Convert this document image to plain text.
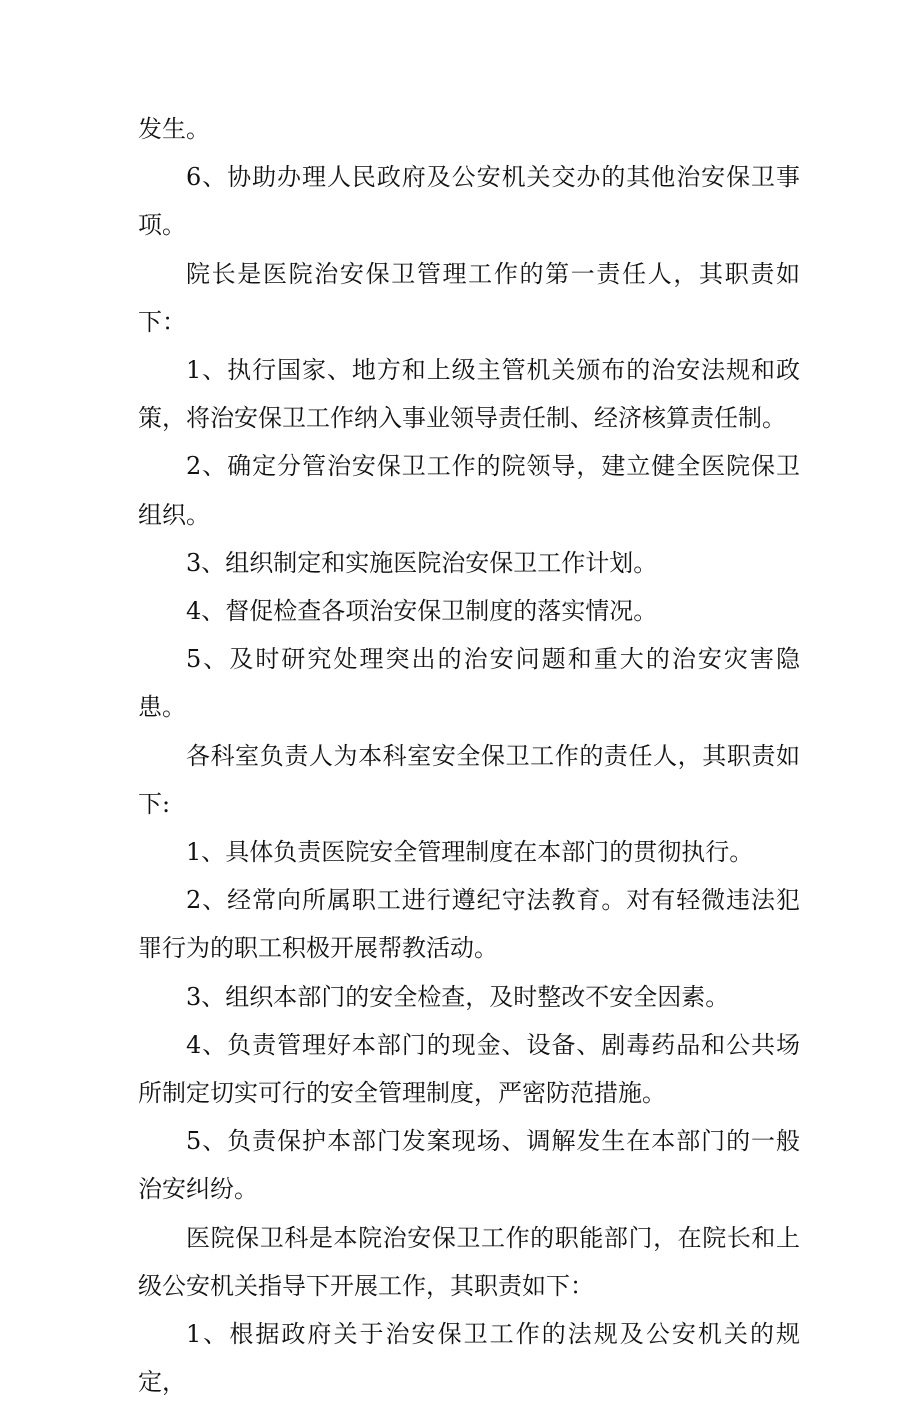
发生。

6、协助办理人民政府及公安机关交办的其他治安保卫事项。

院长是医院治安保卫管理工作的第一责任人，其职责如下：

1、执行国家、地方和上级主管机关颁布的治安法规和政策，将治安保卫工作纳入事业领导责任制、经济核算责任制。

2、确定分管治安保卫工作的院领导，建立健全医院保卫组织。

3、组织制定和实施医院治安保卫工作计划。

4、督促检查各项治安保卫制度的落实情况。

5、及时研究处理突出的治安问题和重大的治安灾害隐患。

各科室负责人为本科室安全保卫工作的责任人，其职责如下:

1、具体负责医院安全管理制度在本部门的贯彻执行。

2、经常向所属职工进行遵纪守法教育。对有轻微违法犯罪行为的职工积极开展帮教活动。

3、组织本部门的安全检查，及时整改不安全因素。

4、负责管理好本部门的现金、设备、剧毒药品和公共场所制定切实可行的安全管理制度，严密防范措施。

5、负责保护本部门发案现场、调解发生在本部门的一般治安纠纷。

医院保卫科是本院治安保卫工作的职能部门，在院长和上级公安机关指导下开展工作，其职责如下：

1、根据政府关于治安保卫工作的法规及公安机关的规定，
